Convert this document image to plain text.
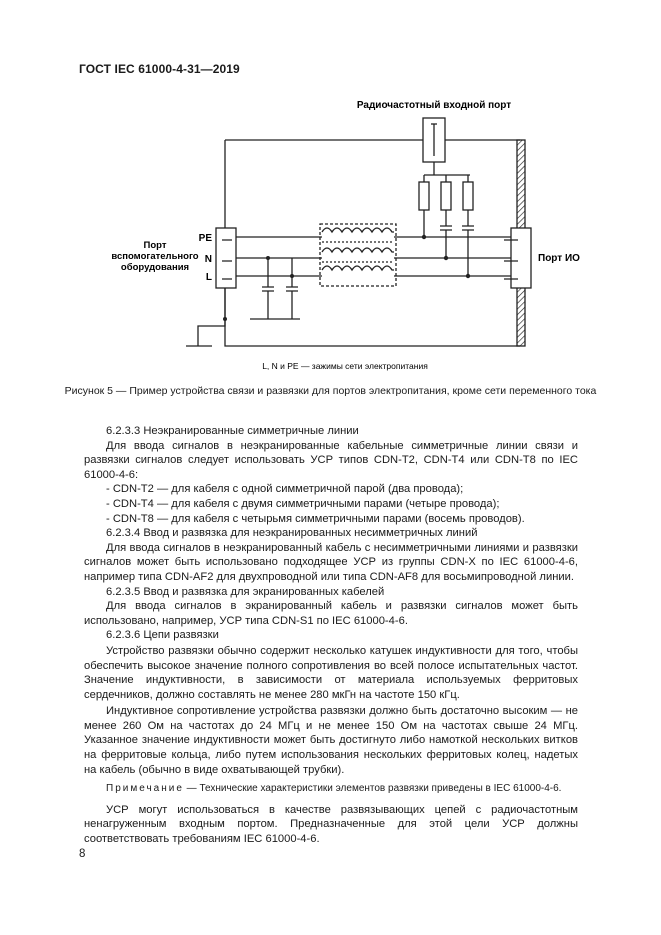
ГОСТ IEC 61000-4-31—2019
Радиочастотный входной порт
PE
N
L
Порт
вспомогательного
оборудования
Порт ИО
L, N и PE — зажимы сети электропитания
Рисунок 5 — Пример устройства связи и развязки для портов электропитания, кроме сети переменного тока

6.2.3.3 Неэкранированные симметричные линии

Для ввода сигналов в неэкранированные кабельные симметричные линии связи и развязки сигналов следует использовать УСР типов CDN-T2, CDN-T4 или CDN-T8 по IEC 61000-4-6:

- CDN-T2 — для кабеля с одной симметричной парой (два провода);

- CDN-T4 — для кабеля с двумя симметричными парами (четыре провода);

- CDN-T8 — для кабеля с четырьмя симметричными парами (восемь проводов).

6.2.3.4 Ввод и развязка для неэкранированных несимметричных линий

Для ввода сигналов в неэкранированный кабель с несимметричными линиями и развязки сигналов может быть использовано подходящее УСР из группы CDN-X по IEC 61000-4-6, например типа CDN-AF2 для двухпроводной или типа CDN-AF8 для восьмипроводной линии.

6.2.3.5 Ввод и развязка для экранированных кабелей

Для ввода сигналов в экранированный кабель и развязки сигналов может быть использовано, например, УСР типа CDN-S1 по IEC 61000-4-6.

6.2.3.6 Цепи развязки

Устройство развязки обычно содержит несколько катушек индуктивности для того, чтобы обеспечить высокое значение полного сопротивления во всей полосе испытательных частот. Значение индуктивности, в зависимости от материала используемых ферритовых сердечников, должно составлять не менее 280 мкГн на частоте 150 кГц.

Индуктивное сопротивление устройства развязки должно быть достаточно высоким — не менее 260 Ом на частотах до 24 МГц и не менее 150 Ом на частотах свыше 24 МГц. Указанное значение индуктивности может быть достигнуто либо намоткой нескольких витков на ферритовые кольца, либо путем использования нескольких ферритовых колец, надетых на кабель (обычно в виде охватывающей трубки).

Примечание — Технические характеристики элементов развязки приведены в IEC 61000-4-6.

УСР могут использоваться в качестве развязывающих цепей с радиочастотным ненагруженным входным портом. Предназначенные для этой цели УСР должны соответствовать требованиям IEC 61000-4-6.

8
